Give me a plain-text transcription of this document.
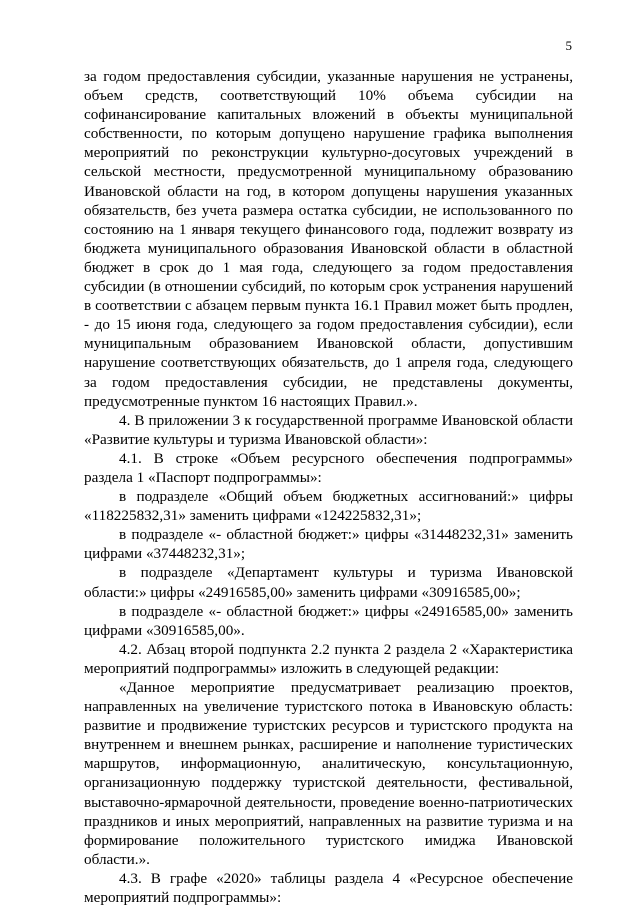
5

за годом предоставления субсидии, указанные нарушения не устранены, объем средств, соответствующий 10% объема субсидии на софинансирование капитальных вложений в объекты муниципальной собственности, по которым допущено нарушение графика выполнения мероприятий по реконструкции культурно-досуговых учреждений в сельской местности, предусмотренной муниципальному образованию Ивановской области на год, в котором допущены нарушения указанных обязательств, без учета размера остатка субсидии, не использованного по состоянию на 1 января текущего финансового года, подлежит возврату из бюджета муниципального образования Ивановской области в областной бюджет в срок до 1 мая года, следующего за годом предоставления субсидии (в отношении субсидий, по которым срок устранения нарушений в соответствии с абзацем первым пункта 16.1 Правил может быть продлен, - до 15 июня года, следующего за годом предоставления субсидии), если муниципальным образованием Ивановской области, допустившим нарушение соответствующих обязательств, до 1 апреля года, следующего за годом предоставления субсидии, не представлены документы, предусмотренные пунктом 16 настоящих Правил.».

4. В приложении 3 к государственной программе Ивановской области «Развитие культуры и туризма Ивановской области»:

4.1. В строке «Объем ресурсного обеспечения подпрограммы» раздела 1 «Паспорт подпрограммы»:

в подразделе «Общий объем бюджетных ассигнований:» цифры «118225832,31» заменить цифрами «124225832,31»;

в подразделе «- областной бюджет:» цифры «31448232,31» заменить цифрами «37448232,31»;

в подразделе «Департамент культуры и туризма Ивановской области:» цифры «24916585,00» заменить цифрами «30916585,00»;

в подразделе «- областной бюджет:» цифры «24916585,00» заменить цифрами «30916585,00».

4.2. Абзац второй подпункта 2.2 пункта 2 раздела 2 «Характеристика мероприятий подпрограммы» изложить в следующей редакции:

«Данное мероприятие предусматривает реализацию проектов, направленных на увеличение туристского потока в Ивановскую область: развитие и продвижение туристских ресурсов и туристского продукта на внутреннем и внешнем рынках, расширение и наполнение туристических маршрутов, информационную, аналитическую, консультационную, организационную поддержку туристской деятельности, фестивальной, выставочно-ярмарочной деятельности, проведение военно-патриотических праздников и иных мероприятий, направленных на развитие туризма и на формирование положительного туристского имиджа Ивановской области.».

4.3. В графе «2020» таблицы раздела 4 «Ресурсное обеспечение мероприятий подпрограммы»:
